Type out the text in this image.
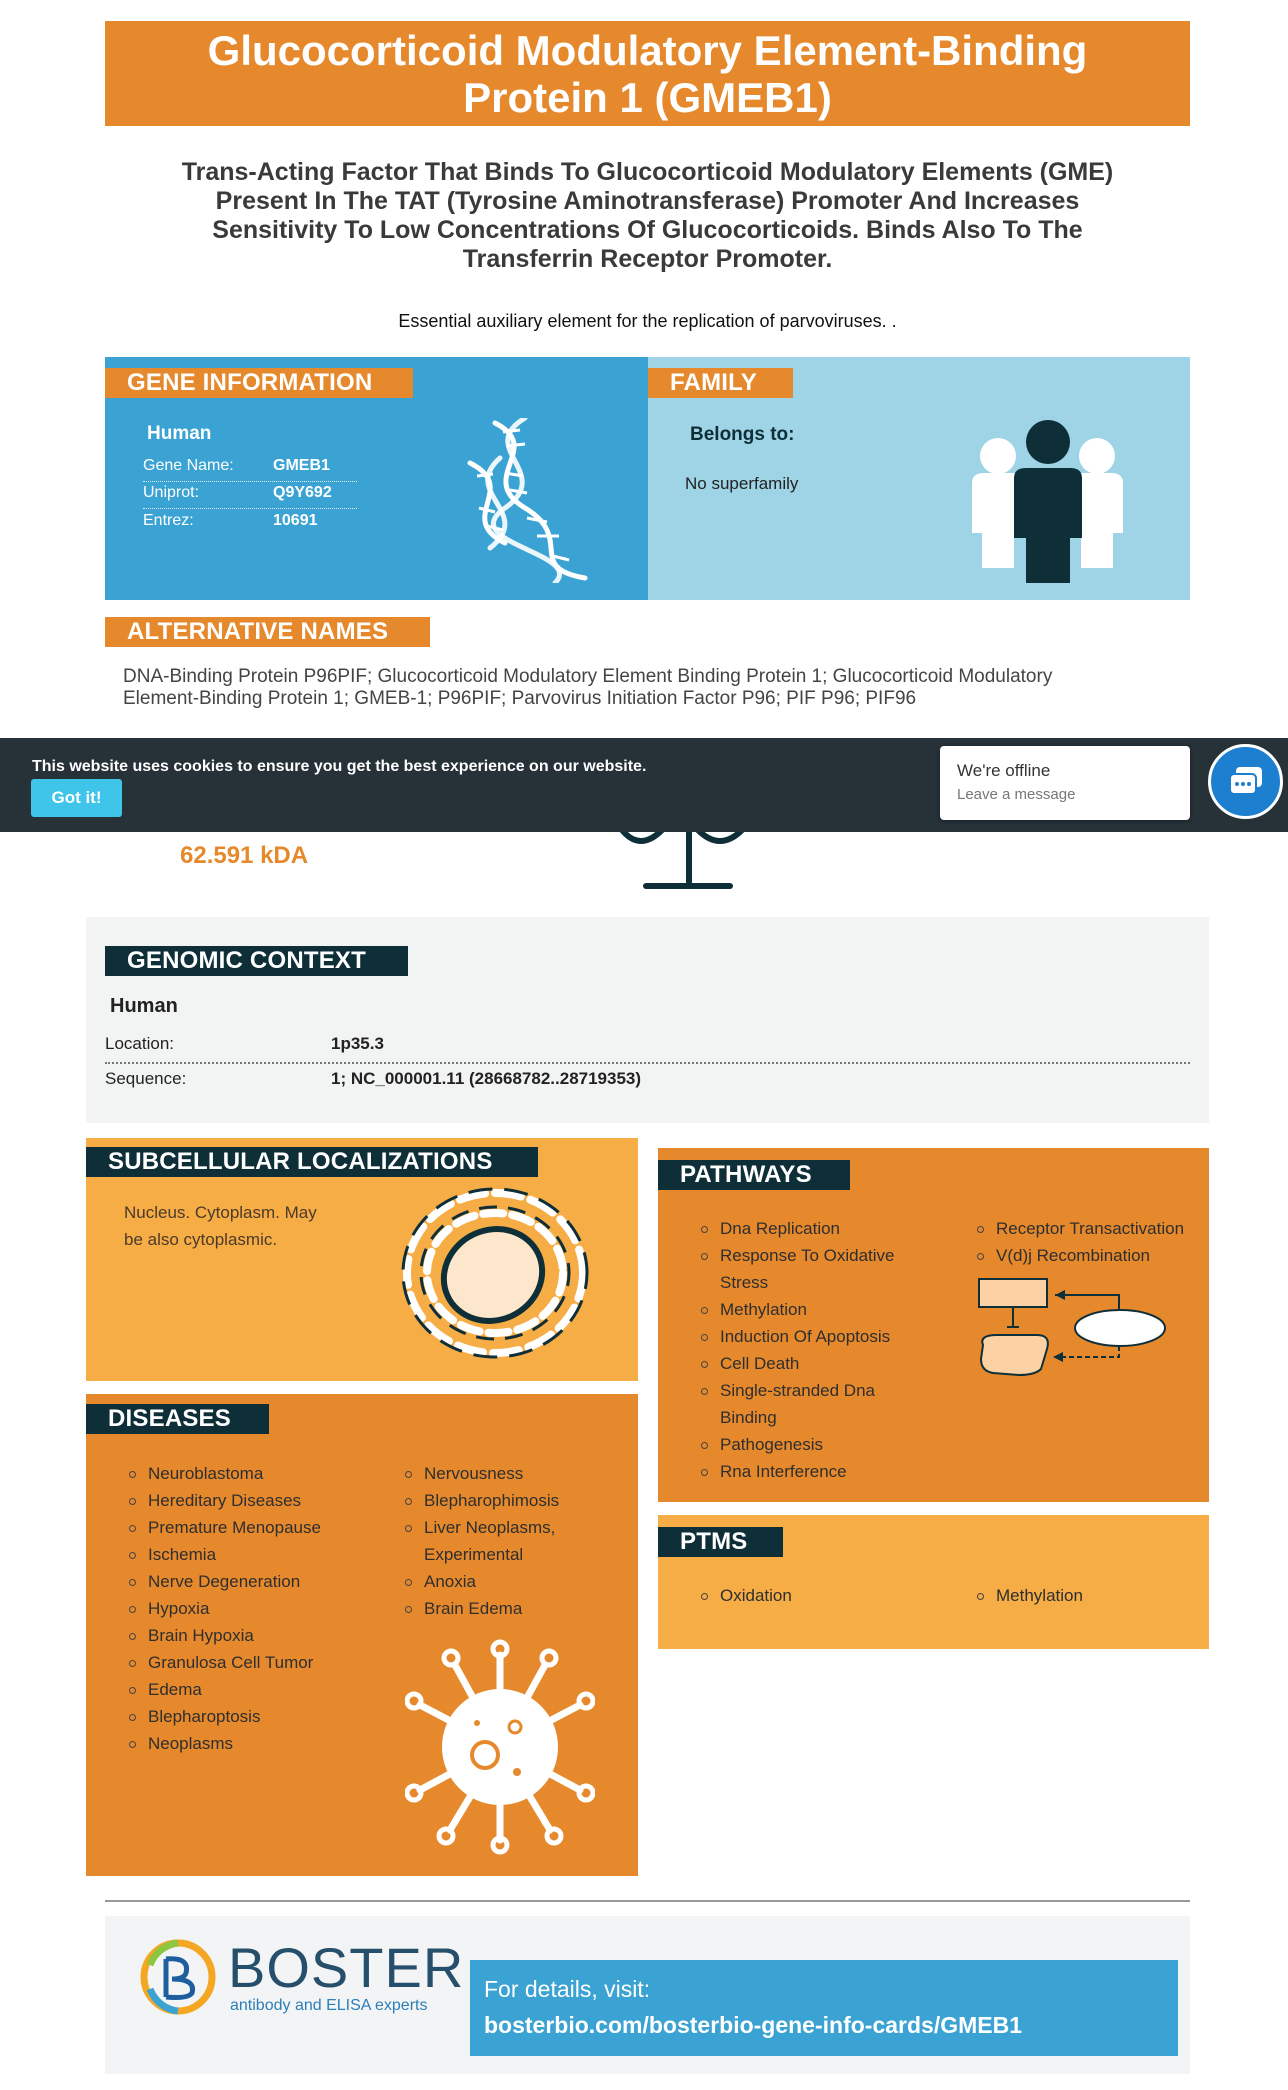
Glucocorticoid Modulatory Element-Binding
Protein 1 (GMEB1)
Trans-Acting Factor That Binds To Glucocorticoid Modulatory Elements (GME)
Present In The TAT (Tyrosine Aminotransferase) Promoter And Increases
Sensitivity To Low Concentrations Of Glucocorticoids. Binds Also To The
Transferrin Receptor Promoter.
Essential auxiliary element for the replication of parvoviruses. .
GENE INFORMATION
Human
Gene Name:	GMEB1
Uniprot:	Q9Y692
Entrez:	10691
FAMILY
Belongs to:
No superfamily
ALTERNATIVE NAMES
DNA-Binding Protein P96PIF; Glucocorticoid Modulatory Element Binding Protein 1; Glucocorticoid Modulatory
Element-Binding Protein 1; GMEB-1; P96PIF; Parvovirus Initiation Factor P96; PIF P96; PIF96
62.591 kDA
This website uses cookies to ensure you get the best experience on our website.
Got it!
We're offline
Leave a message
GENOMIC CONTEXT
Human
Location:	1p35.3
Sequence:	1; NC_000001.11 (28668782..28719353)
SUBCELLULAR LOCALIZATIONS
Nucleus. Cytoplasm. May
be also cytoplasmic.
PATHWAYS
Dna Replication
Response To Oxidative
Stress
Methylation
Induction Of Apoptosis
Cell Death
Single-stranded Dna
Binding
Pathogenesis
Rna Interference
Receptor Transactivation
V(d)j Recombination
DISEASES
Neuroblastoma
Hereditary Diseases
Premature Menopause
Ischemia
Nerve Degeneration
Hypoxia
Brain Hypoxia
Granulosa Cell Tumor
Edema
Blepharoptosis
Neoplasms
Nervousness
Blepharophimosis
Liver Neoplasms,
Experimental
Anoxia
Brain Edema
PTMS
Oxidation	Methylation
BOSTER
antibody and ELISA experts
For details, visit:
bosterbio.com/bosterbio-gene-info-cards/GMEB1
